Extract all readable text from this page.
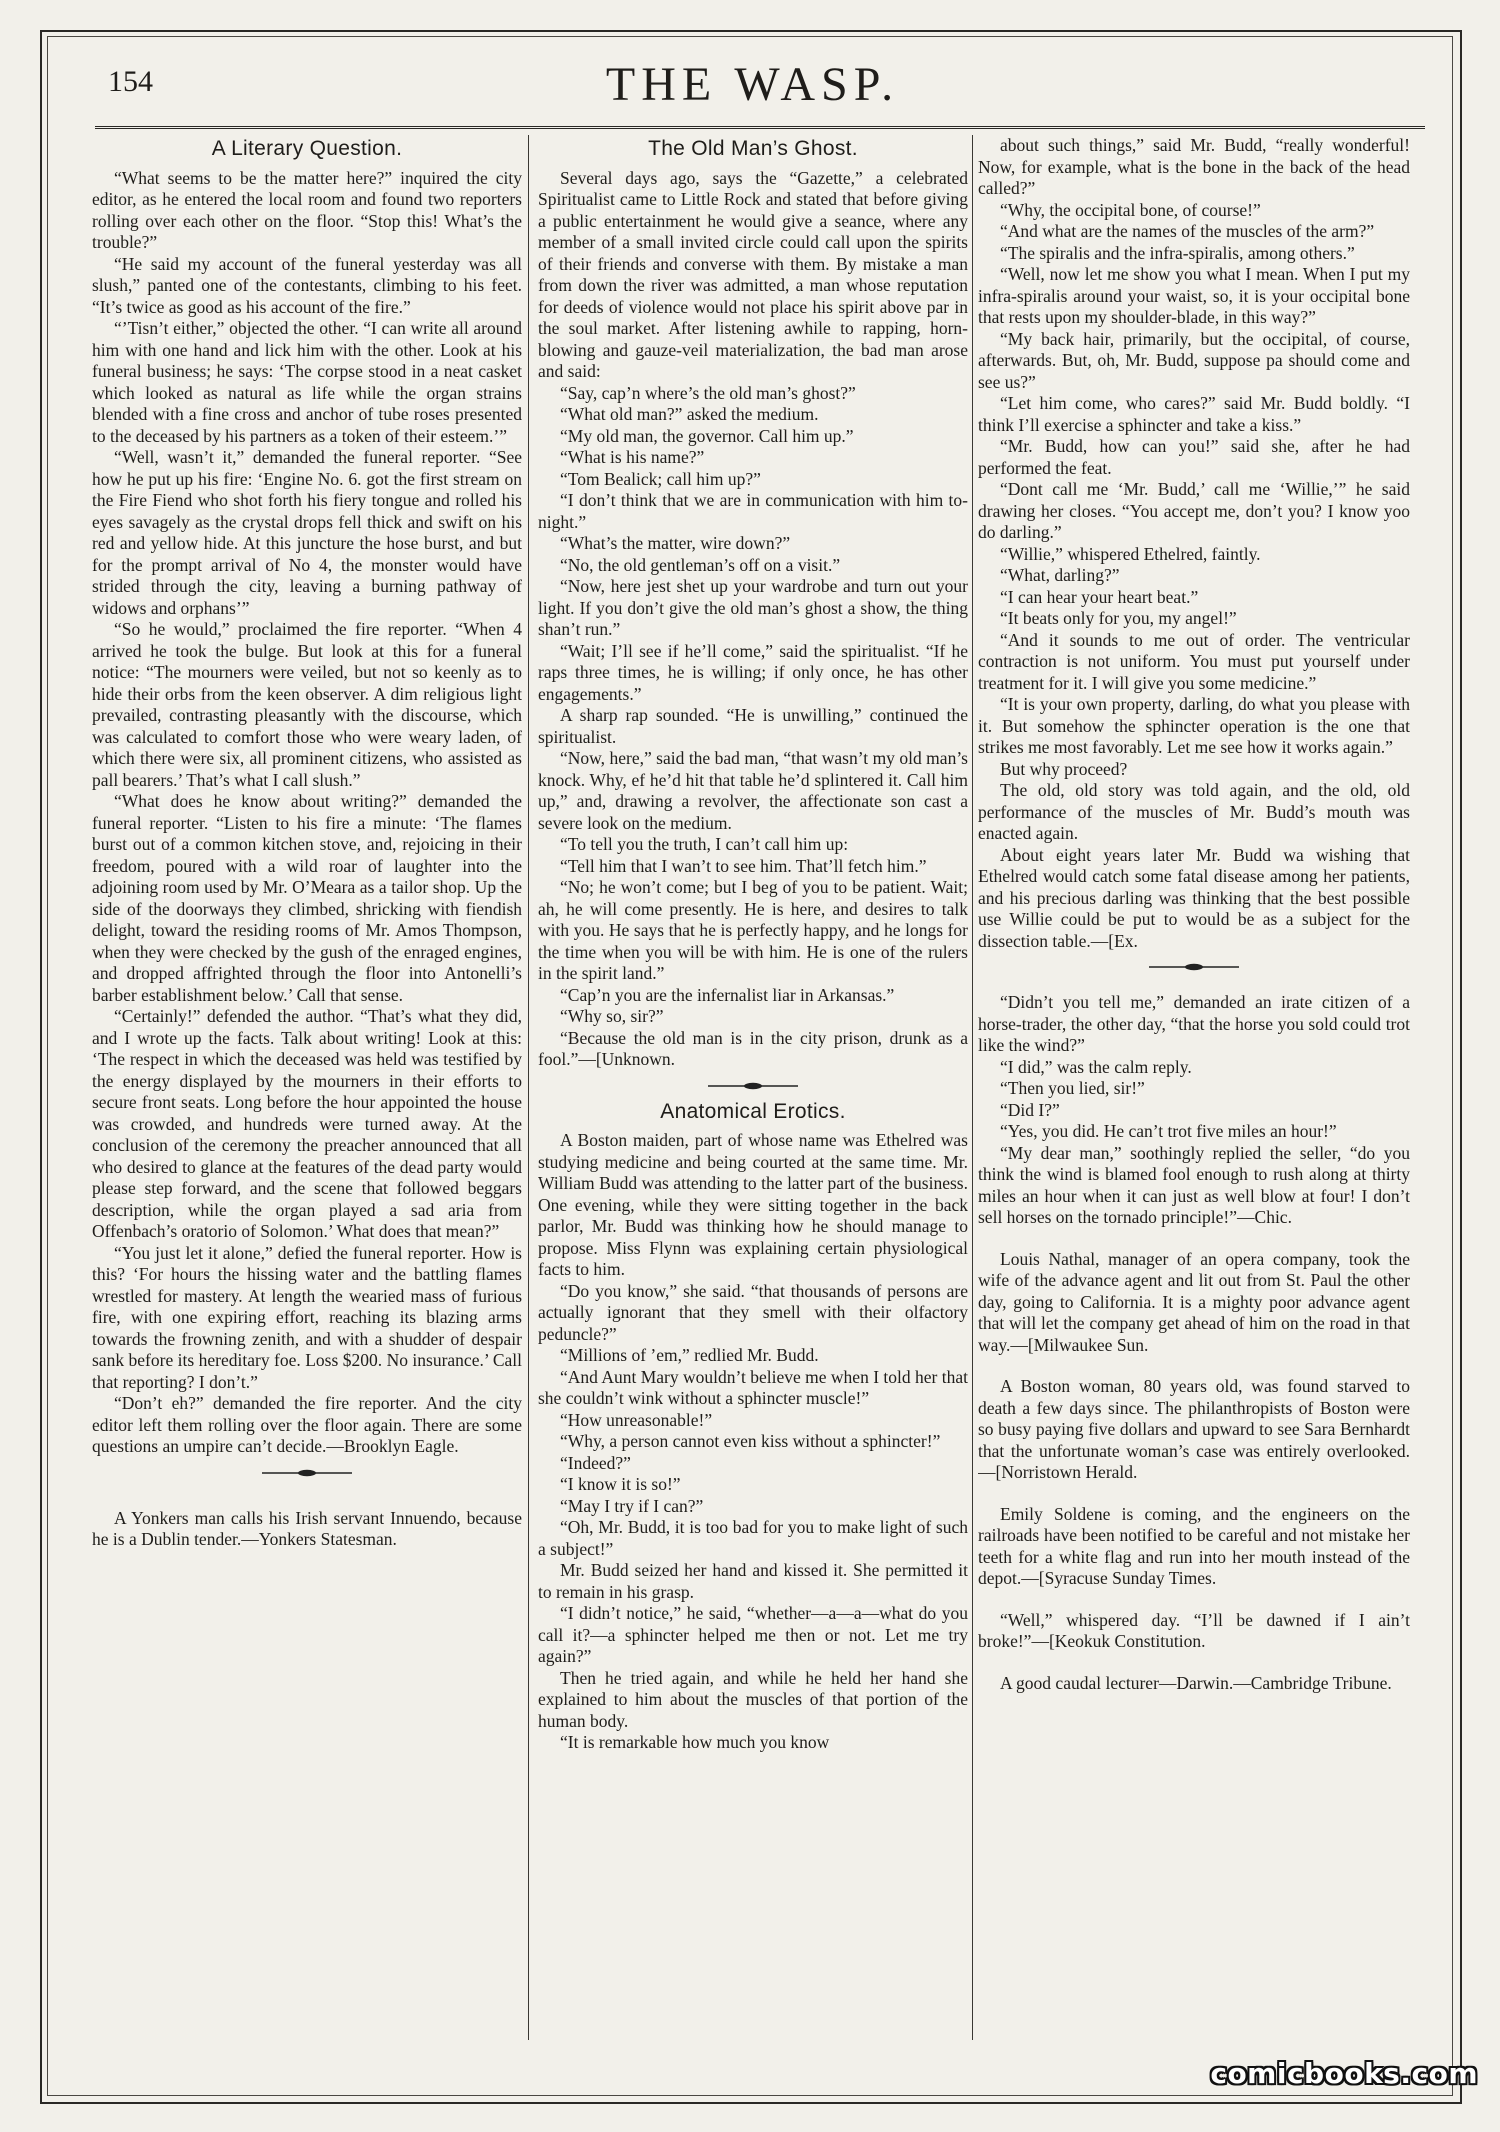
154	THE WASP.
A Literary Question.

“What seems to be the matter here?” inquired the city editor, as he entered the local room and found two reporters rolling over each other on the floor. “Stop this! What’s the trouble?”

“He said my account of the funeral yesterday was all slush,” panted one of the contestants, climbing to his feet. “It’s twice as good as his account of the fire.”

“’Tisn’t either,” objected the other. “I can write all around him with one hand and lick him with the other. Look at his funeral business; he says: ‘The corpse stood in a neat casket which looked as natural as life while the organ strains blended with a fine cross and anchor of tube roses presented to the deceased by his partners as a token of their esteem.’”

“Well, wasn’t it,” demanded the funeral reporter. “See how he put up his fire: ‘Engine No. 6. got the first stream on the Fire Fiend who shot forth his fiery tongue and rolled his eyes savagely as the crystal drops fell thick and swift on his red and yellow hide. At this juncture the hose burst, and but for the prompt arrival of No 4, the monster would have strided through the city, leaving a burning pathway of widows and orphans’”

“So he would,” proclaimed the fire reporter. “When 4 arrived he took the bulge. But look at this for a funeral notice: “The mourners were veiled, but not so keenly as to hide their orbs from the keen observer. A dim religious light prevailed, contrasting pleasantly with the discourse, which was calculated to comfort those who were weary laden, of which there were six, all prominent citizens, who assisted as pall bearers.’ That’s what I call slush.”

“What does he know about writing?” demanded the funeral reporter. “Listen to his fire a minute: ‘The flames burst out of a common kitchen stove, and, rejoicing in their freedom, poured with a wild roar of laughter into the adjoining room used by Mr. O’Meara as a tailor shop. Up the side of the doorways they climbed, shricking with fiendish delight, toward the residing rooms of Mr. Amos Thompson, when they were checked by the gush of the enraged engines, and dropped affrighted through the floor into Antonelli’s barber establishment below.’ Call that sense.

“Certainly!” defended the author. “That’s what they did, and I wrote up the facts. Talk about writing! Look at this: ‘The respect in which the deceased was held was testified by the energy displayed by the mourners in their efforts to secure front seats. Long before the hour appointed the house was crowded, and hundreds were turned away. At the conclusion of the ceremony the preacher announced that all who desired to glance at the features of the dead party would please step forward, and the scene that followed beggars description, while the organ played a sad aria from Offenbach’s oratorio of Solomon.’ What does that mean?”

“You just let it alone,” defied the funeral reporter. How is this? ‘For hours the hissing water and the battling flames wrestled for mastery. At length the wearied mass of furious fire, with one expiring effort, reaching its blazing arms towards the frowning zenith, and with a shudder of despair sank before its hereditary foe. Loss $200. No insurance.’ Call that reporting? I don’t.”

“Don’t eh?” demanded the fire reporter. And the city editor left them rolling over the floor again. There are some questions an umpire can’t decide.—Brooklyn Eagle.

A Yonkers man calls his Irish servant Innuendo, because he is a Dublin tender.—Yonkers Statesman.

The Old Man’s Ghost.

Several days ago, says the “Gazette,” a celebrated Spiritualist came to Little Rock and stated that before giving a public entertainment he would give a seance, where any member of a small invited circle could call upon the spirits of their friends and converse with them. By mistake a man from down the river was admitted, a man whose reputation for deeds of violence would not place his spirit above par in the soul market. After listening awhile to rapping, horn-blowing and gauze-veil materialization, the bad man arose and said:

“Say, cap’n where’s the old man’s ghost?”

“What old man?” asked the medium.

“My old man, the governor. Call him up.”

“What is his name?”

“Tom Bealick; call him up?”

“I don’t think that we are in communication with him to-night.”

“What’s the matter, wire down?”

“No, the old gentleman’s off on a visit.”

“Now, here jest shet up your wardrobe and turn out your light. If you don’t give the old man’s ghost a show, the thing shan’t run.”

“Wait; I’ll see if he’ll come,” said the spiritualist. “If he raps three times, he is willing; if only once, he has other engagements.”

A sharp rap sounded. “He is unwilling,” continued the spiritualist.

“Now, here,” said the bad man, “that wasn’t my old man’s knock. Why, ef he’d hit that table he’d splintered it. Call him up,” and, drawing a revolver, the affectionate son cast a severe look on the medium.

“To tell you the truth, I can’t call him up:

“Tell him that I wan’t to see him. That’ll fetch him.”

“No; he won’t come; but I beg of you to be patient. Wait; ah, he will come presently. He is here, and desires to talk with you. He says that he is perfectly happy, and he longs for the time when you will be with him. He is one of the rulers in the spirit land.”

“Cap’n you are the infernalist liar in Arkansas.”

“Why so, sir?”

“Because the old man is in the city prison, drunk as a fool.”—[Unknown.

Anatomical Erotics.

A Boston maiden, part of whose name was Ethelred was studying medicine and being courted at the same time. Mr. William Budd was attending to the latter part of the business. One evening, while they were sitting together in the back parlor, Mr. Budd was thinking how he should manage to propose. Miss Flynn was explaining certain physiological facts to him.

“Do you know,” she said. “that thousands of persons are actually ignorant that they smell with their olfactory peduncle?”

“Millions of ’em,” redlied Mr. Budd.

“And Aunt Mary wouldn’t believe me when I told her that she couldn’t wink without a sphincter muscle!”

“How unreasonable!”

“Why, a person cannot even kiss without a sphincter!”

“Indeed?”

“I know it is so!”

“May I try if I can?”

“Oh, Mr. Budd, it is too bad for you to make light of such a subject!”

Mr. Budd seized her hand and kissed it. She permitted it to remain in his grasp.

“I didn’t notice,” he said, “whether—a—a—what do you call it?—a sphincter helped me then or not. Let me try again?”

Then he tried again, and while he held her hand she explained to him about the muscles of that portion of the human body.

“It is remarkable how much you know

about such things,” said Mr. Budd, “really wonderful! Now, for example, what is the bone in the back of the head called?”

“Why, the occipital bone, of course!”

“And what are the names of the muscles of the arm?”

“The spiralis and the infra-spiralis, among others.”

“Well, now let me show you what I mean. When I put my infra-spiralis around your waist, so, it is your occipital bone that rests upon my shoulder-blade, in this way?”

“My back hair, primarily, but the occipital, of course, afterwards. But, oh, Mr. Budd, suppose pa should come and see us?”

“Let him come, who cares?” said Mr. Budd boldly. “I think I’ll exercise a sphincter and take a kiss.”

“Mr. Budd, how can you!” said she, after he had performed the feat.

“Dont call me ‘Mr. Budd,’ call me ‘Willie,’” he said drawing her closes. “You accept me, don’t you? I know yoo do darling.”

“Willie,” whispered Ethelred, faintly.

“What, darling?”

“I can hear your heart beat.”

“It beats only for you, my angel!”

“And it sounds to me out of order. The ventricular contraction is not uniform. You must put yourself under treatment for it. I will give you some medicine.”

“It is your own property, darling, do what you please with it. But somehow the sphincter operation is the one that strikes me most favorably. Let me see how it works again.”

But why proceed?

The old, old story was told again, and the old, old performance of the muscles of Mr. Budd’s mouth was enacted again.

About eight years later Mr. Budd wa wishing that Ethelred would catch some fatal disease among her patients, and his precious darling was thinking that the best possible use Willie could be put to would be as a subject for the dissection table.—[Ex.

“Didn’t you tell me,” demanded an irate citizen of a horse-trader, the other day, “that the horse you sold could trot like the wind?”

“I did,” was the calm reply.

“Then you lied, sir!”

“Did I?”

“Yes, you did. He can’t trot five miles an hour!”

“My dear man,” soothingly replied the seller, “do you think the wind is blamed fool enough to rush along at thirty miles an hour when it can just as well blow at four! I don’t sell horses on the tornado principle!”—Chic.

Louis Nathal, manager of an opera company, took the wife of the advance agent and lit out from St. Paul the other day, going to California. It is a mighty poor advance agent that will let the company get ahead of him on the road in that way.—[Milwaukee Sun.

A Boston woman, 80 years old, was found starved to death a few days since. The philanthropists of Boston were so busy paying five dollars and upward to see Sara Bernhardt that the unfortunate woman’s case was entirely overlooked.—[Norristown Herald.

Emily Soldene is coming, and the engineers on the railroads have been notified to be careful and not mistake her teeth for a white flag and run into her mouth instead of the depot.—[Syracuse Sunday Times.

“Well,” whispered day. “I’ll be dawned if I ain’t broke!”—[Keokuk Constitution.

A good caudal lecturer—Darwin.—Cambridge Tribune.

comicbooks.com
